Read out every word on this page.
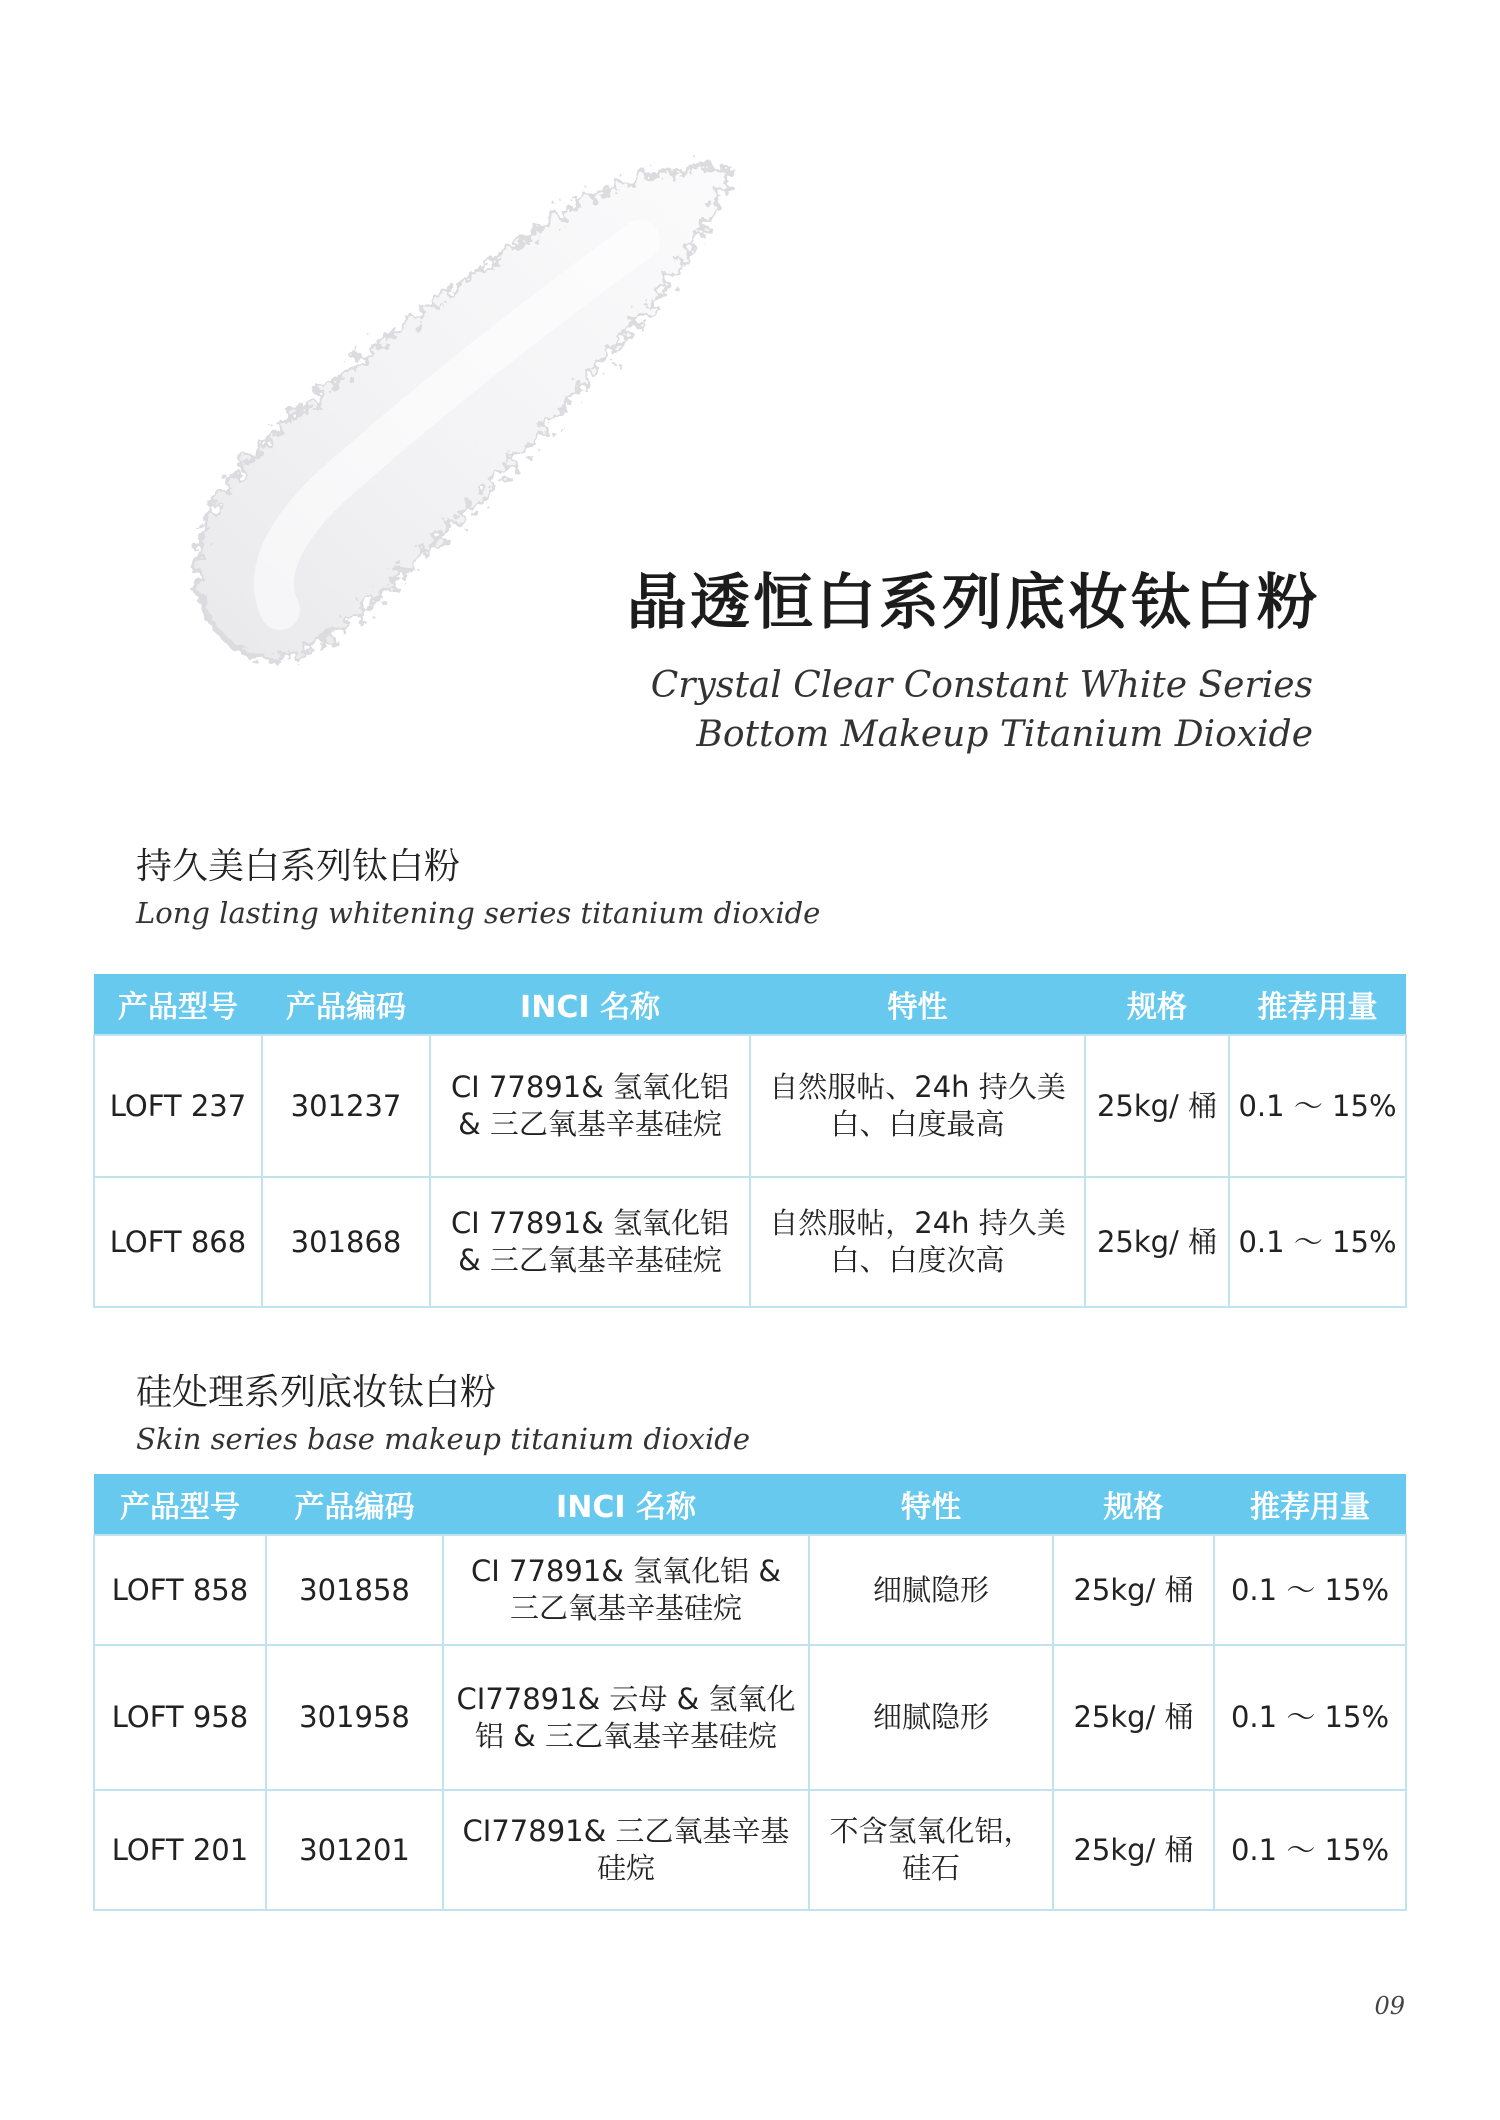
晶透恒白系列底妆钛白粉
Crystal Clear Constant White Series
Bottom Makeup Titanium Dioxide
持久美白系列钛白粉
Long lasting whitening series titanium dioxide
产品型号	产品编码	INCI 名称	特性	规格	推荐用量
LOFT 237	301237	CI 77891& 氢氧化铝 & 三乙氧基辛基硅烷	自然服帖、24h 持久美白、白度最高	25kg/ 桶	0.1 ～ 15%
LOFT 868	301868	CI 77891& 氢氧化铝 & 三乙氧基辛基硅烷	自然服帖，24h 持久美白、白度次高	25kg/ 桶	0.1 ～ 15%
硅处理系列底妆钛白粉
Skin series base makeup titanium dioxide
产品型号	产品编码	INCI 名称	特性	规格	推荐用量
LOFT 858	301858	CI 77891& 氢氧化铝 & 三乙氧基辛基硅烷	细腻隐形	25kg/ 桶	0.1 ～ 15%
LOFT 958	301958	CI77891& 云母 & 氢氧化铝 & 三乙氧基辛基硅烷	细腻隐形	25kg/ 桶	0.1 ～ 15%
LOFT 201	301201	CI77891& 三乙氧基辛基硅烷	不含氢氧化铝，硅石	25kg/ 桶	0.1 ～ 15%
09
